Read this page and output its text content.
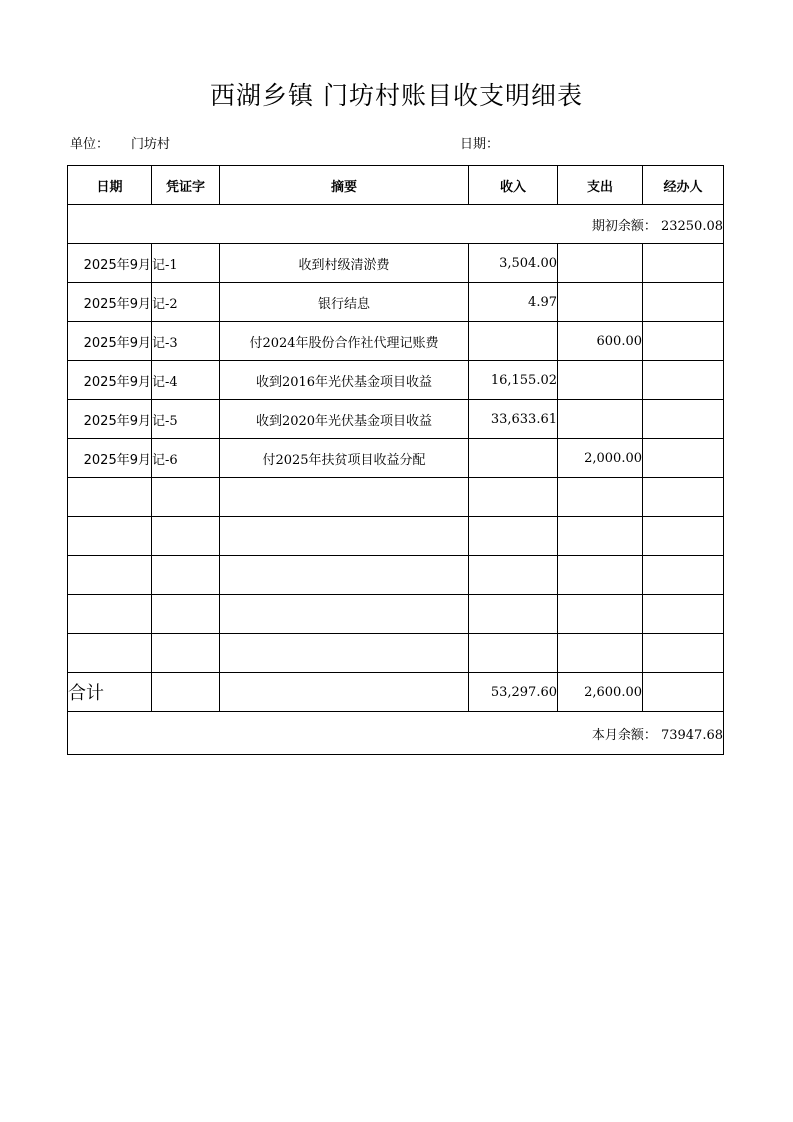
西湖乡镇 门坊村账目收支明细表
单位： 门坊村	日期：
日期	凭证字	摘要	收入	支出	经办人
期初余额： 23250.08					
2025年9月	记-1	收到村级清淤费	3,504.00		
2025年9月	记-2	银行结息	4.97		
2025年9月	记-3	付2024年股份合作社代理记账费		600.00	
2025年9月	记-4	收到2016年光伏基金项目收益	16,155.02		
2025年9月	记-5	收到2020年光伏基金项目收益	33,633.61		
2025年9月	记-6	付2025年扶贫项目收益分配		2,000.00	

合计			53,297.60	2,600.00	
本月余额： 73947.68					
